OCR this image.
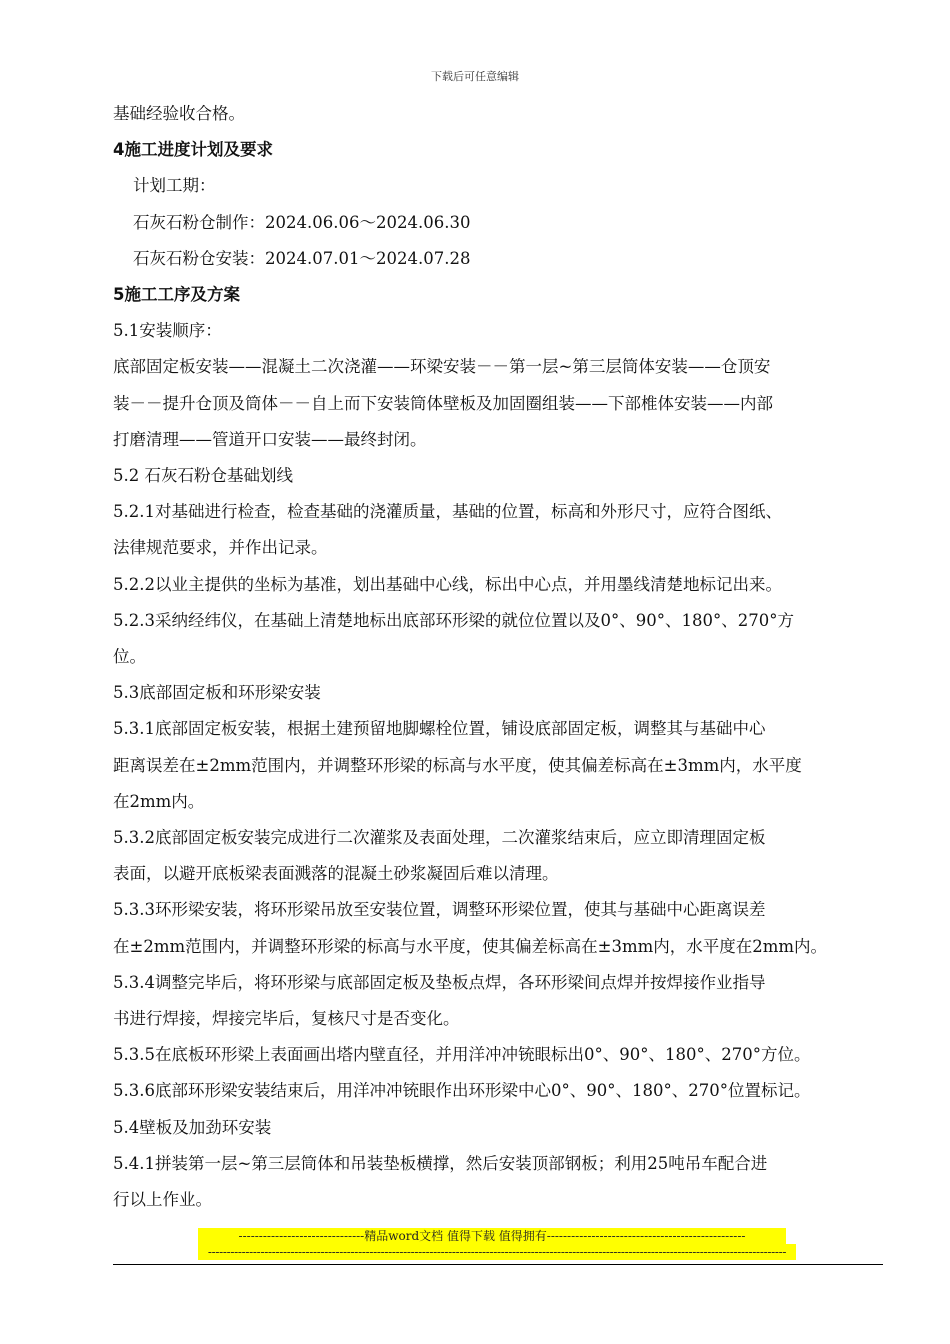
下载后可任意编辑
基础经验收合格。
4施工进度计划及要求
计划工期：
石灰石粉仓制作：2024.06.06～2024.06.30
石灰石粉仓安装：2024.07.01～2024.07.28
5施工工序及方案
5.1安装顺序：
底部固定板安装——混凝土二次浇灌——环梁安装－－第一层~第三层筒体安装——仓顶安
装－－提升仓顶及筒体－－自上而下安装筒体壁板及加固圈组装——下部椎体安装——内部
打磨清理——管道开口安装——最终封闭。
5.2 石灰石粉仓基础划线
5.2.1对基础进行检查，检查基础的浇灌质量，基础的位置，标高和外形尺寸，应符合图纸、
法律规范要求，并作出记录。
5.2.2以业主提供的坐标为基准，划出基础中心线，标出中心点，并用墨线清楚地标记出来。
5.2.3采纳经纬仪，在基础上清楚地标出底部环形梁的就位位置以及0°、90°、180°、270°方
位。
5.3底部固定板和环形梁安装
5.3.1底部固定板安装，根据土建预留地脚螺栓位置，铺设底部固定板，调整其与基础中心
距离误差在±2mm范围内，并调整环形梁的标高与水平度，使其偏差标高在±3mm内，水平度
在2mm内。
5.3.2底部固定板安装完成进行二次灌浆及表面处理，二次灌浆结束后，应立即清理固定板
表面，以避开底板梁表面溅落的混凝土砂浆凝固后难以清理。
5.3.3环形梁安装，将环形梁吊放至安装位置，调整环形梁位置，使其与基础中心距离误差
在±2mm范围内，并调整环形梁的标高与水平度，使其偏差标高在±3mm内，水平度在2mm内。
5.3.4调整完毕后，将环形梁与底部固定板及垫板点焊，各环形梁间点焊并按焊接作业指导
书进行焊接，焊接完毕后，复核尺寸是否变化。
5.3.5在底板环形梁上表面画出塔内壁直径，并用洋冲冲铳眼标出0°、90°、180°、270°方位。
5.3.6底部环形梁安装结束后，用洋冲冲铳眼作出环形梁中心0°、90°、180°、270°位置标记。
5.4壁板及加劲环安装
5.4.1拼装第一层~第三层筒体和吊装垫板横撑，然后安装顶部钢板；利用25吨吊车配合进
行以上作业。
-------------------------------精品word文档 值得下载 值得拥有-------------------------------------------------
----------------------------------------------------------------------------------------------------------------------------------------------------------
